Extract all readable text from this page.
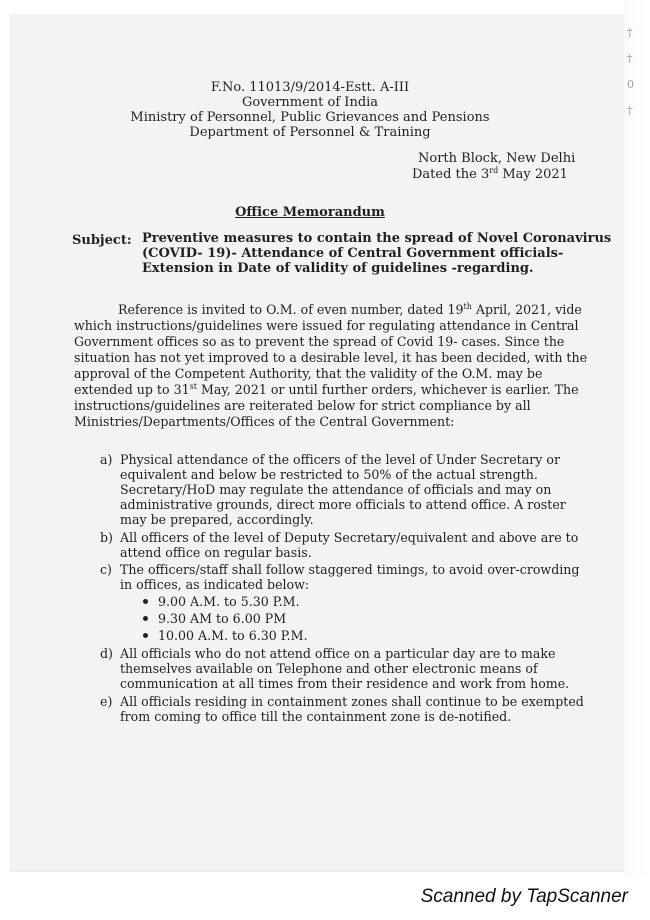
†
†
0
†
F.No. 11013/9/2014-Estt. A-III
Government of India
Ministry of Personnel, Public Grievances and Pensions
Department of Personnel & Training
North Block, New Delhi
Dated the 3rd May 2021
Office Memorandum
Subject: Preventive measures to contain the spread of Novel Coronavirus
(COVID- 19)- Attendance of Central Government officials-
Extension in Date of validity of guidelines -regarding.
Reference is invited to O.M. of even number, dated 19th April, 2021, vide
which instructions/guidelines were issued for regulating attendance in Central
Government offices so as to prevent the spread of Covid 19- cases. Since the
situation has not yet improved to a desirable level, it has been decided, with the
approval of the Competent Authority, that the validity of the O.M. may be
extended up to 31st May, 2021 or until further orders, whichever is earlier. The
instructions/guidelines are reiterated below for strict compliance by all
Ministries/Departments/Offices of the Central Government:
a) Physical attendance of the officers of the level of Under Secretary or
equivalent and below be restricted to 50% of the actual strength.
Secretary/HoD may regulate the attendance of officials and may on
administrative grounds, direct more officials to attend office. A roster
may be prepared, accordingly.
b) All officers of the level of Deputy Secretary/equivalent and above are to
attend office on regular basis.
c) The officers/staff shall follow staggered timings, to avoid over-crowding
in offices, as indicated below:
9.00 A.M. to 5.30 P.M.
9.30 AM to 6.00 PM
10.00 A.M. to 6.30 P.M.
d) All officials who do not attend office on a particular day are to make
themselves available on Telephone and other electronic means of
communication at all times from their residence and work from home.
e) All officials residing in containment zones shall continue to be exempted
from coming to office till the containment zone is de-notified.
Scanned by TapScanner
